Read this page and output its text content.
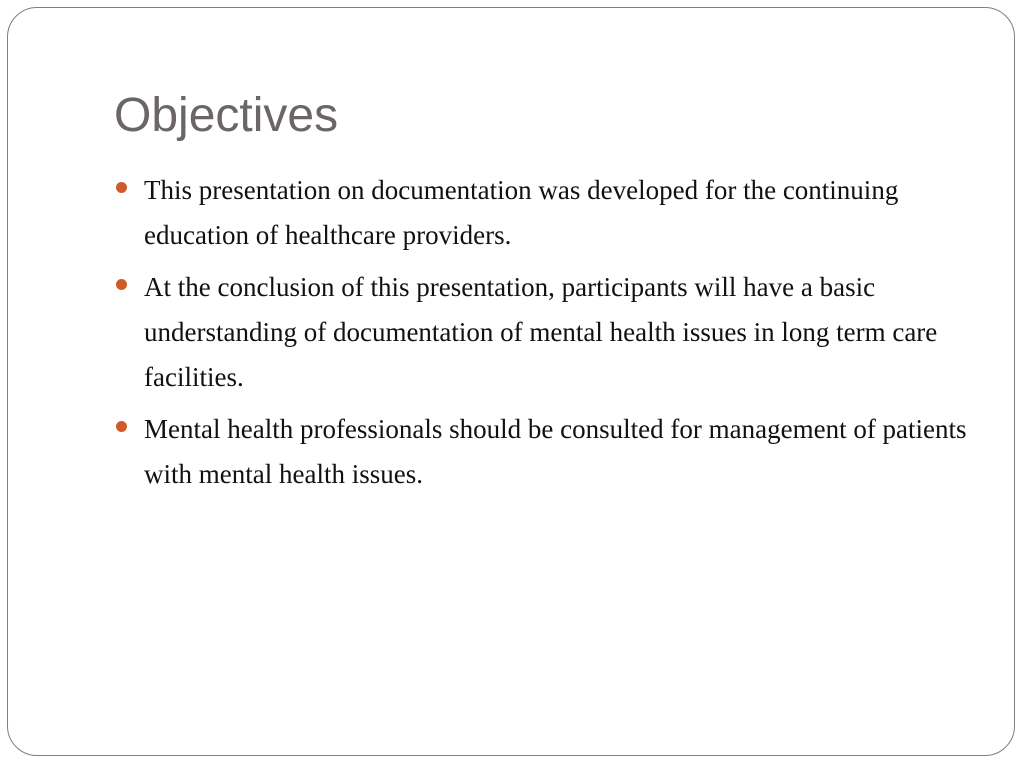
Objectives
This presentation on documentation was developed for the continuing education of healthcare providers.
At the conclusion of this presentation, participants will have a basic understanding of documentation of mental health issues in long term care facilities.
Mental health professionals should be consulted for management of patients with mental health issues.
